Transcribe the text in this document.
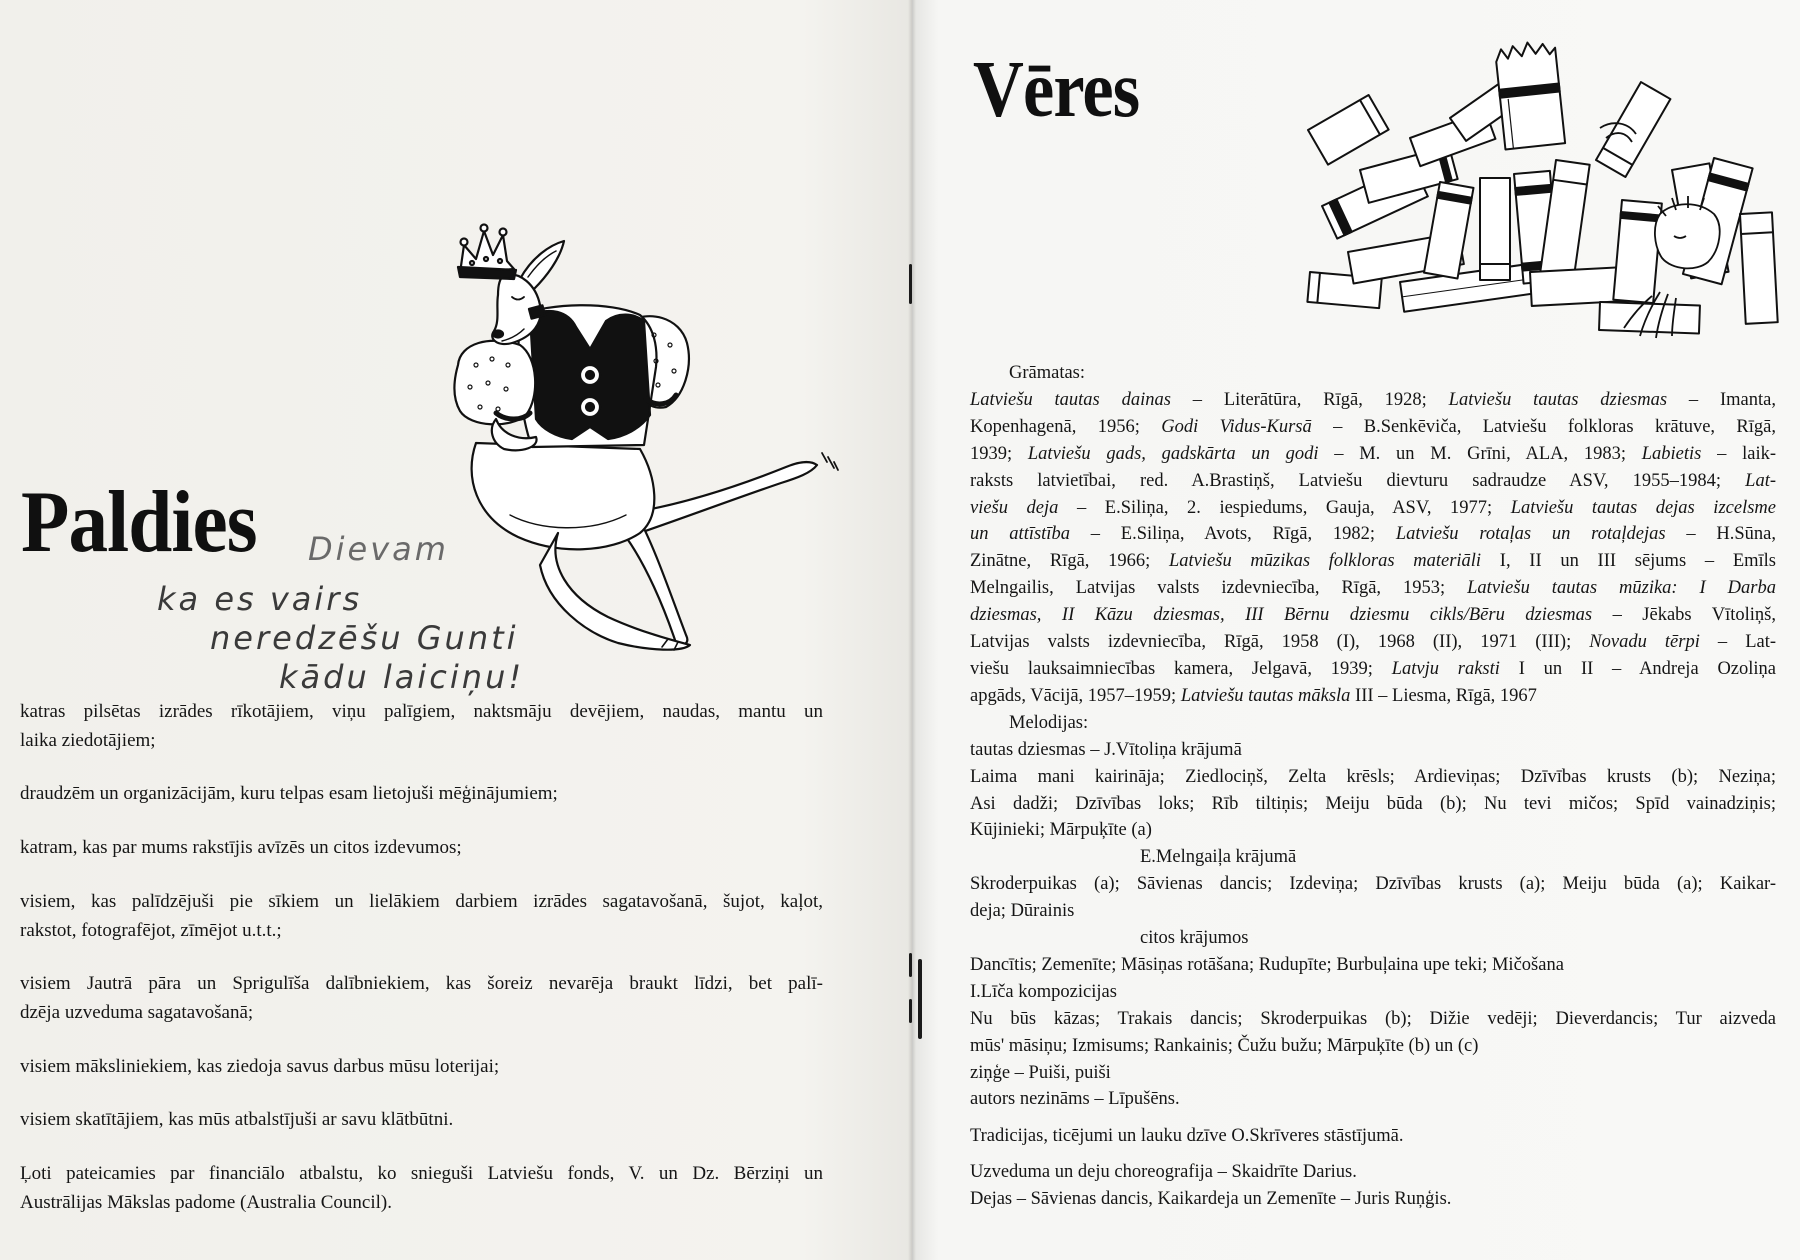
Paldies Dievam
ka es vairs
neredzēšu Gunti
kādu laiciņu!
katras pilsētas izrādes rīkotājiem, viņu palīgiem, naktsmāju devējiem, naudas, mantu un
laika ziedotājiem;
draudzēm un organizācijām, kuru telpas esam lietojuši mēģinājumiem;
katram, kas par mums rakstījis avīzēs un citos izdevumos;
visiem, kas palīdzējuši pie sīkiem un lielākiem darbiem izrādes sagatavošanā, šujot, kaļot,
rakstot, fotografējot, zīmējot u.t.t.;
visiem Jautrā pāra un Sprigulīša dalībniekiem, kas šoreiz nevarēja braukt līdzi, bet palī-
dzēja uzveduma sagatavošanā;
visiem māksliniekiem, kas ziedoja savus darbus mūsu loterijai;
visiem skatītājiem, kas mūs atbalstījuši ar savu klātbūtni.
Ļoti pateicamies par financiālo atbalstu, ko snieguši Latviešu fonds, V. un Dz. Bērziņi un
Austrālijas Mākslas padome (Australia Council).
Vēres
Grāmatas:
Latviešu tautas dainas – Literātūra, Rīgā, 1928; Latviešu tautas dziesmas – Imanta,
Kopenhagenā, 1956; Godi Vidus-Kursā – B.Senkēviča, Latviešu folkloras krātuve, Rīgā,
1939; Latviešu gads, gadskārta un godi – M. un M. Grīni, ALA, 1983; Labietis – laik-
raksts latvietībai, red. A.Brastiņš, Latviešu dievturu sadraudze ASV, 1955–1984; Lat-
viešu deja – E.Siliņa, 2. iespiedums, Gauja, ASV, 1977; Latviešu tautas dejas izcelsme
un attīstība – E.Siliņa, Avots, Rīgā, 1982; Latviešu rotaļas un rotaļdejas – H.Sūna,
Zinātne, Rīgā, 1966; Latviešu mūzikas folkloras materiāli I, II un III sējums – Emīls
Melngailis, Latvijas valsts izdevniecība, Rīgā, 1953; Latviešu tautas mūzika: I Darba
dziesmas, II Kāzu dziesmas, III Bērnu dziesmu cikls/Bēru dziesmas – Jēkabs Vītoliņš,
Latvijas valsts izdevniecība, Rīgā, 1958 (I), 1968 (II), 1971 (III); Novadu tērpi – Lat-
viešu lauksaimniecības kamera, Jelgavā, 1939; Latvju raksti I un II – Andreja Ozoliņa
apgāds, Vācijā, 1957–1959; Latviešu tautas māksla III – Liesma, Rīgā, 1967
Melodijas:
tautas dziesmas – J.Vītoliņa krājumā
Laima mani kairināja; Ziedlociņš, Zelta krēsls; Ardieviņas; Dzīvības krusts (b); Neziņa;
Asi dadži; Dzīvības loks; Rīb tiltiņis; Meiju būda (b); Nu tevi mičos; Spīd vainadziņis;
Kūjinieki; Mārpuķīte (a)
E.Melngaiļa krājumā
Skroderpuikas (a); Sāvienas dancis; Izdeviņa; Dzīvības krusts (a); Meiju būda (a); Kaikar-
deja; Dūrainis
citos krājumos
Dancītis; Zemenīte; Māsiņas rotāšana; Rudupīte; Burbuļaina upe teki; Mičošana
I.Līča kompozicijas
Nu būs kāzas; Trakais dancis; Skroderpuikas (b); Dižie vedēji; Dieverdancis; Tur aizveda
mūs' māsiņu; Izmisums; Rankainis; Čužu bužu; Mārpuķīte (b) un (c)
ziņģe – Puiši, puiši
autors nezināms – Līpušēns.
Tradicijas, ticējumi un lauku dzīve O.Skrīveres stāstījumā.
Uzveduma un deju choreografija – Skaidrīte Darius.
Dejas – Sāvienas dancis, Kaikardeja un Zemenīte – Juris Ruņģis.
